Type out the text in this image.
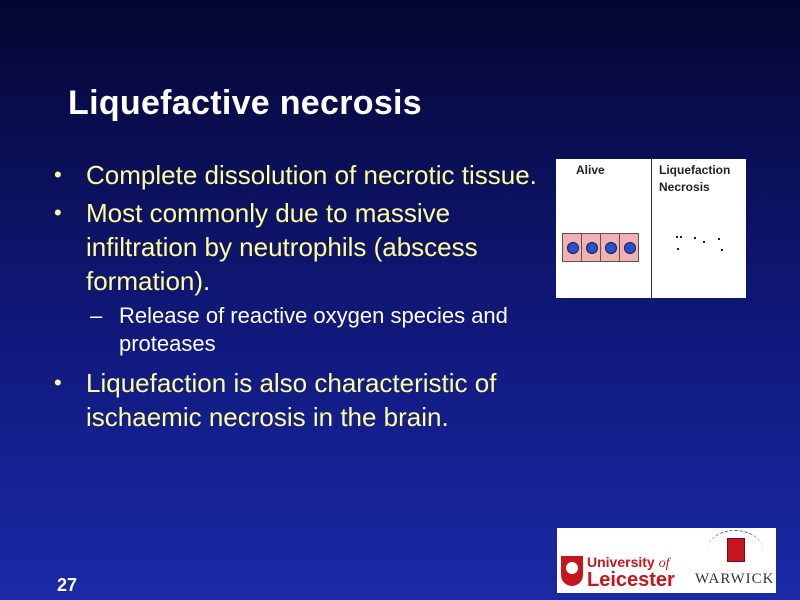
Liquefactive necrosis
• Complete dissolution of necrotic tissue.
• Most commonly due to massive infiltration by neutrophils (abscess formation).
– Release of reactive oxygen species and proteases
• Liquefaction is also characteristic of ischaemic necrosis in the brain.
Alive	Liquefaction
Necrosis
27
University of
Leicester WARWICK
